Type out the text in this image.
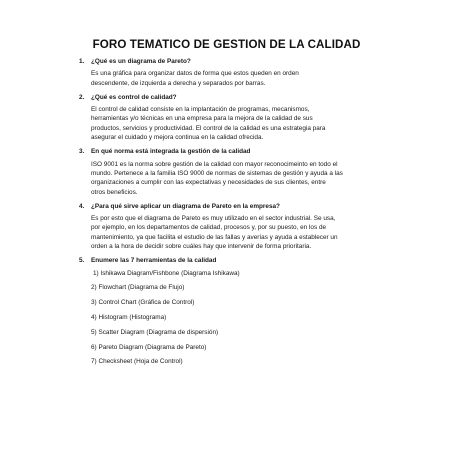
FORO TEMATICO DE GESTION DE LA CALIDAD
1. ¿Qué es un diagrama de Pareto?
Es una gráfica para organizar datos de forma que estos queden en orden
descendente, de izquierda a derecha y separados por barras.
2. ¿Qué es control de calidad?
El control de calidad consiste en la implantación de programas, mecanismos,
herramientas y/o técnicas en una empresa para la mejora de la calidad de sus
productos, servicios y productividad. El control de la calidad es una estrategia para
asegurar el cuidado y mejora continua en la calidad ofrecida.
3. En qué norma está integrada la gestión de la calidad
ISO 9001 es la norma sobre gestión de la calidad con mayor reconocimeinto en todo el
mundo. Pertenece a la familia ISO 9000 de normas de sistemas de gestión y ayuda a las
organizaciones a cumplir con las expectativas y necesidades de sus clientes, entre
otros beneficios.
4. ¿Para qué sirve aplicar un diagrama de Pareto en la empresa?
Es por esto que el diagrama de Pareto es muy utilizado en el sector industrial. Se usa,
por ejemplo, en los departamentos de calidad, procesos y, por su puesto, en los de
mantenimiento, ya que facilita el estudio de las fallas y averías y ayuda a establecer un
orden a la hora de decidir sobre cuáles hay que intervenir de forma prioritaria.
5. Enumere las 7 herramientas de la calidad
1) Ishikawa Diagram/Fishbone (Diagrama Ishikawa)
2) Flowchart (Diagrama de Flujo)
3) Control Chart (Gráfica de Control)
4) Histogram (Histograma)
5) Scatter Diagram (Diagrama de dispersión)
6) Pareto Diagram (Diagrama de Pareto)
7) Checksheet (Hoja de Control)
